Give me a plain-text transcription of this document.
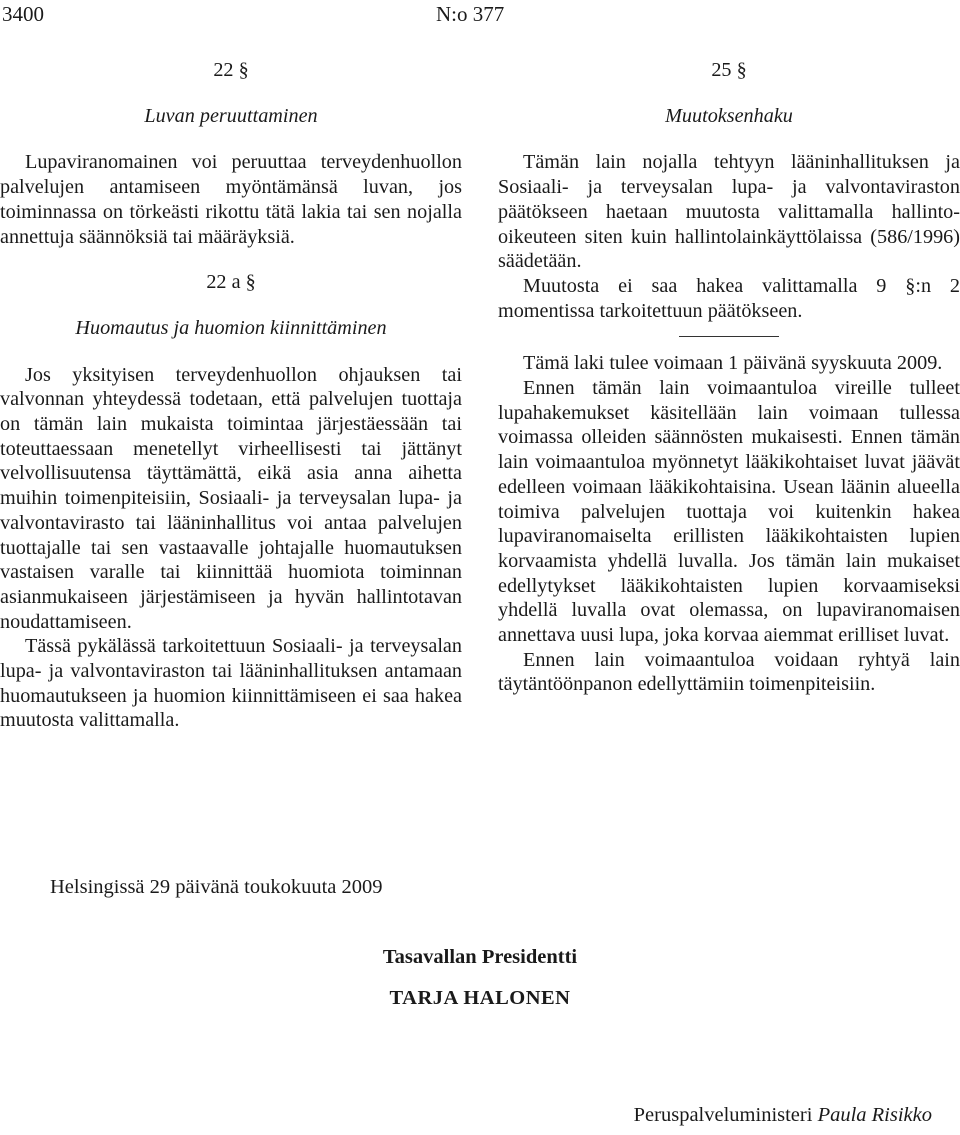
3400	N:o 377
22 §
Luvan peruuttaminen

Lupaviranomainen voi peruuttaa terveydenhuollon palvelujen antamiseen myöntämänsä luvan, jos toiminnassa on törkeästi rikottu tätä lakia tai sen nojalla annettuja säännöksiä tai määräyksiä.

22 a §
Huomautus ja huomion kiinnittäminen

Jos yksityisen terveydenhuollon ohjauksen tai valvonnan yhteydessä todetaan, että palvelujen tuottaja on tämän lain mukaista toimintaa järjestäessään tai toteuttaessaan menetellyt virheellisesti tai jättänyt velvollisuutensa täyttämättä, eikä asia anna aihetta muihin toimenpiteisiin, Sosiaali- ja terveysalan lupa- ja valvontavirasto tai lääninhallitus voi antaa palvelujen tuottajalle tai sen vastaavalle johtajalle huomautuksen vastaisen varalle tai kiinnittää huomiota toiminnan asianmukaiseen järjestämiseen ja hyvän hallintotavan noudattamiseen.

Tässä pykälässä tarkoitettuun Sosiaali- ja terveysalan lupa- ja valvontaviraston tai lääninhallituksen antamaan huomautukseen ja huomion kiinnittämiseen ei saa hakea muutosta valittamalla.

25 §
Muutoksenhaku

Tämän lain nojalla tehtyyn lääninhallituksen ja Sosiaali- ja terveysalan lupa- ja valvontaviraston päätökseen haetaan muutosta valittamalla hallinto-oikeuteen siten kuin hallintolainkäyttölaissa (586/1996) säädetään.

Muutosta ei saa hakea valittamalla 9 §:n 2 momentissa tarkoitettuun päätökseen.

Tämä laki tulee voimaan 1 päivänä syyskuuta 2009.

Ennen tämän lain voimaantuloa vireille tulleet lupahakemukset käsitellään lain voimaan tullessa voimassa olleiden säännösten mukaisesti. Ennen tämän lain voimaantuloa myönnetyt lääkikohtaiset luvat jäävät edelleen voimaan lääkikohtaisina. Usean läänin alueella toimiva palvelujen tuottaja voi kuitenkin hakea lupaviranomaiselta erillisten lääkikohtaisten lupien korvaamista yhdellä luvalla. Jos tämän lain mukaiset edellytykset lääkikohtaisten lupien korvaamiseksi yhdellä luvalla ovat olemassa, on lupaviranomaisen annettava uusi lupa, joka korvaa aiemmat erilliset luvat.

Ennen lain voimaantuloa voidaan ryhtyä lain täytäntöönpanon edellyttämiin toimenpiteisiin.

Helsingissä 29 päivänä toukokuuta 2009
Tasavallan Presidentti
TARJA HALONEN
Peruspalveluministeri Paula Risikko
